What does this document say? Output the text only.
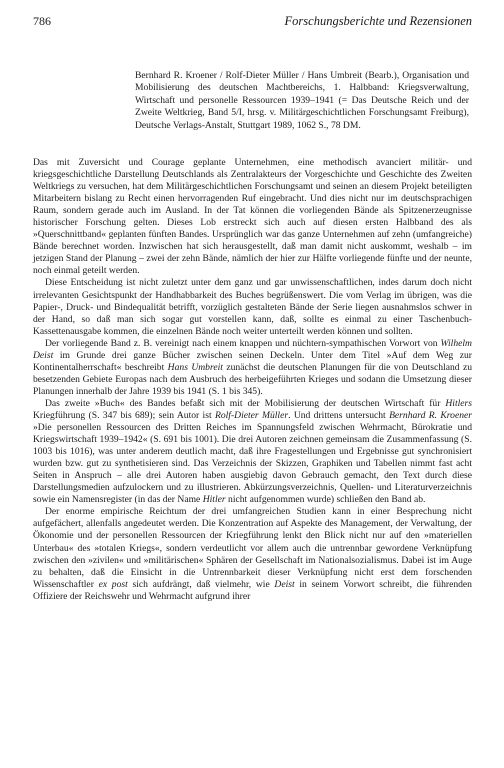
786	Forschungsberichte und Rezensionen
Bernhard R. Kroener / Rolf-Dieter Müller / Hans Umbreit (Bearb.), Organisation und Mobilisierung des deutschen Machtbereichs, 1. Halbband: Kriegsverwaltung, Wirtschaft und personelle Ressourcen 1939–1941 (= Das Deutsche Reich und der Zweite Weltkrieg, Band 5/I, hrsg. v. Militärgeschichtlichen Forschungsamt Freiburg), Deutsche Verlags-Anstalt, Stuttgart 1989, 1062 S., 78 DM.

Das mit Zuversicht und Courage geplante Unternehmen, eine methodisch avanciert militär- und kriegsgeschichtliche Darstellung Deutschlands als Zentralakteurs der Vorgeschichte und Geschichte des Zweiten Weltkriegs zu versuchen, hat dem Militärgeschichtlichen Forschungsamt und seinen an diesem Projekt beteiligten Mitarbeitern bislang zu Recht einen hervorragenden Ruf eingebracht. Und dies nicht nur im deutschsprachigen Raum, sondern gerade auch im Ausland. In der Tat können die vorliegenden Bände als Spitzenerzeugnisse historischer Forschung gelten. Dieses Lob erstreckt sich auch auf diesen ersten Halbband des als »Querschnittband« geplanten fünften Bandes. Ursprünglich war das ganze Unternehmen auf zehn (umfangreiche) Bände berechnet worden. Inzwischen hat sich herausgestellt, daß man damit nicht auskommt, weshalb – im jetzigen Stand der Planung – zwei der zehn Bände, nämlich der hier zur Hälfte vorliegende fünfte und der neunte, noch einmal geteilt werden.

Diese Entscheidung ist nicht zuletzt unter dem ganz und gar unwissenschaftlichen, indes darum doch nicht irrelevanten Gesichtspunkt der Handhabbarkeit des Buches begrüßenswert. Die vom Verlag im übrigen, was die Papier-, Druck- und Bindequalität betrifft, vorzüglich gestalteten Bände der Serie liegen ausnahmslos schwer in der Hand, so daß man sich sogar gut vorstellen kann, daß, sollte es einmal zu einer Taschenbuch-Kassettenausgabe kommen, die einzelnen Bände noch weiter unterteilt werden können und sollten.

Der vorliegende Band z. B. vereinigt nach einem knappen und nüchtern-sympathischen Vorwort von Wilhelm Deist im Grunde drei ganze Bücher zwischen seinen Deckeln. Unter dem Titel »Auf dem Weg zur Kontinentalherrschaft« beschreibt Hans Umbreit zunächst die deutschen Planungen für die von Deutschland zu besetzenden Gebiete Europas nach dem Ausbruch des herbeigeführten Krieges und sodann die Umsetzung dieser Planungen innerhalb der Jahre 1939 bis 1941 (S. 1 bis 345).

Das zweite »Buch« des Bandes befaßt sich mit der Mobilisierung der deutschen Wirtschaft für Hitlers Kriegführung (S. 347 bis 689); sein Autor ist Rolf-Dieter Müller. Und drittens untersucht Bernhard R. Kroener »Die personellen Ressourcen des Dritten Reiches im Spannungsfeld zwischen Wehrmacht, Bürokratie und Kriegswirtschaft 1939–1942« (S. 691 bis 1001). Die drei Autoren zeichnen gemeinsam die Zusammenfassung (S. 1003 bis 1016), was unter anderem deutlich macht, daß ihre Fragestellungen und Ergebnisse gut synchronisiert wurden bzw. gut zu synthetisieren sind. Das Verzeichnis der Skizzen, Graphiken und Tabellen nimmt fast acht Seiten in Anspruch – alle drei Autoren haben ausgiebig davon Gebrauch gemacht, den Text durch diese Darstellungsmedien aufzulockern und zu illustrieren. Abkürzungsverzeichnis, Quellen- und Literaturverzeichnis sowie ein Namensregister (in das der Name Hitler nicht aufgenommen wurde) schließen den Band ab.

Der enorme empirische Reichtum der drei umfangreichen Studien kann in einer Besprechung nicht aufgefächert, allenfalls angedeutet werden. Die Konzentration auf Aspekte des Management, der Verwaltung, der Ökonomie und der personellen Ressourcen der Kriegführung lenkt den Blick nicht nur auf den »materiellen Unterbau« des »totalen Kriegs«, sondern verdeutlicht vor allem auch die untrennbar gewordene Verknüpfung zwischen den »zivilen« und »militärischen« Sphären der Gesellschaft im Nationalsozialismus. Dabei ist im Auge zu behalten, daß die Einsicht in die Untrennbarkeit dieser Verknüpfung nicht erst dem forschenden Wissenschaftler ex post sich aufdrängt, daß vielmehr, wie Deist in seinem Vorwort schreibt, die führenden Offiziere der Reichswehr und Wehrmacht aufgrund ihrer
